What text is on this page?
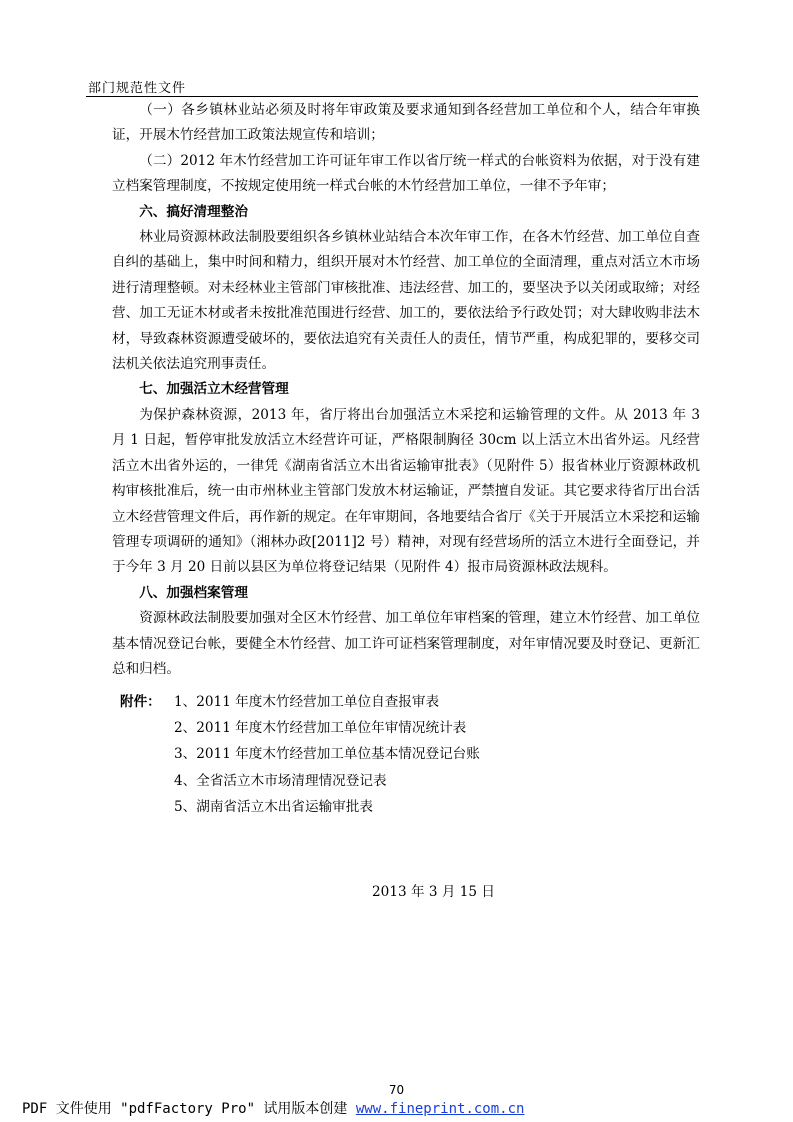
部门规范性文件

（一）各乡镇林业站必须及时将年审政策及要求通知到各经营加工单位和个人，结合年审换证，开展木竹经营加工政策法规宣传和培训；

（二）2012 年木竹经营加工许可证年审工作以省厅统一样式的台帐资料为依据，对于没有建立档案管理制度，不按规定使用统一样式台帐的木竹经营加工单位，一律不予年审；

六、搞好清理整治

林业局资源林政法制股要组织各乡镇林业站结合本次年审工作，在各木竹经营、加工单位自查自纠的基础上，集中时间和精力，组织开展对木竹经营、加工单位的全面清理，重点对活立木市场进行清理整顿。对未经林业主管部门审核批准、违法经营、加工的，要坚决予以关闭或取缔；对经营、加工无证木材或者未按批准范围进行经营、加工的，要依法给予行政处罚；对大肆收购非法木材，导致森林资源遭受破坏的，要依法追究有关责任人的责任，情节严重，构成犯罪的，要移交司法机关依法追究刑事责任。

七、加强活立木经营管理

为保护森林资源，2013 年，省厅将出台加强活立木采挖和运输管理的文件。从 2013 年 3 月 1 日起，暂停审批发放活立木经营许可证，严格限制胸径 30cm 以上活立木出省外运。凡经营活立木出省外运的，一律凭《湖南省活立木出省运输审批表》（见附件 5）报省林业厅资源林政机构审核批准后，统一由市州林业主管部门发放木材运输证，严禁擅自发证。其它要求待省厅出台活立木经营管理文件后，再作新的规定。在年审期间，各地要结合省厅《关于开展活立木采挖和运输管理专项调研的通知》（湘林办政[2011]2 号）精神，对现有经营场所的活立木进行全面登记，并于今年 3 月 20 日前以县区为单位将登记结果（见附件 4）报市局资源林政法规科。

八、加强档案管理

资源林政法制股要加强对全区木竹经营、加工单位年审档案的管理，建立木竹经营、加工单位基本情况登记台帐，要健全木竹经营、加工许可证档案管理制度，对年审情况要及时登记、更新汇总和归档。

附件： 1、2011 年度木竹经营加工单位自查报审表
2、2011 年度木竹经营加工单位年审情况统计表
3、2011 年度木竹经营加工单位基本情况登记台账
4、全省活立木市场清理情况登记表
5、湖南省活立木出省运输审批表
2013 年 3 月 15 日
70
PDF 文件使用 "pdfFactory Pro" 试用版本创建 www.fineprint.com.cn
